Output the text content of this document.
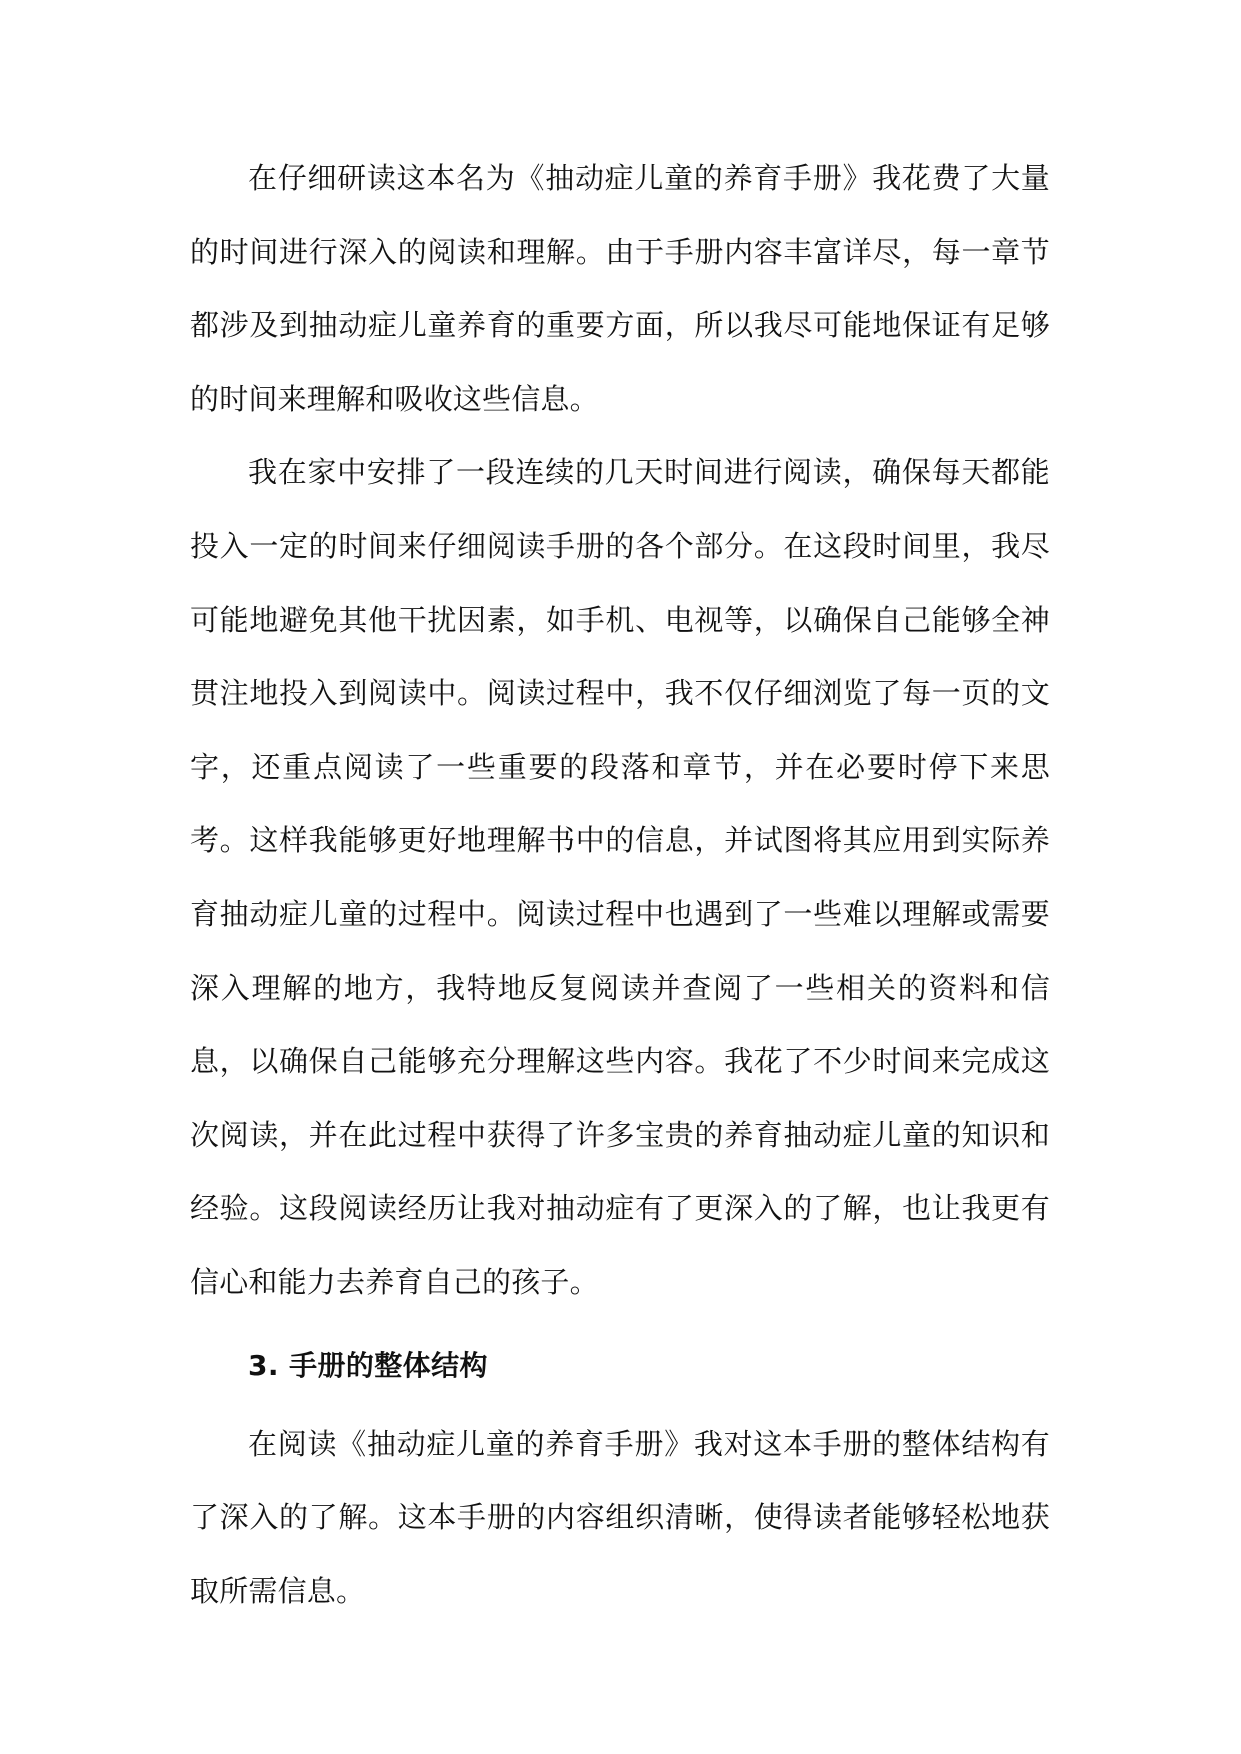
在仔细研读这本名为《抽动症儿童的养育手册》我花费了大量的时间进行深入的阅读和理解。由于手册内容丰富详尽，每一章节都涉及到抽动症儿童养育的重要方面，所以我尽可能地保证有足够的时间来理解和吸收这些信息。

我在家中安排了一段连续的几天时间进行阅读，确保每天都能投入一定的时间来仔细阅读手册的各个部分。在这段时间里，我尽可能地避免其他干扰因素，如手机、电视等，以确保自己能够全神贯注地投入到阅读中。阅读过程中，我不仅仔细浏览了每一页的文字，还重点阅读了一些重要的段落和章节，并在必要时停下来思考。这样我能够更好地理解书中的信息，并试图将其应用到实际养育抽动症儿童的过程中。阅读过程中也遇到了一些难以理解或需要深入理解的地方，我特地反复阅读并查阅了一些相关的资料和信息，以确保自己能够充分理解这些内容。我花了不少时间来完成这次阅读，并在此过程中获得了许多宝贵的养育抽动症儿童的知识和经验。这段阅读经历让我对抽动症有了更深入的了解，也让我更有信心和能力去养育自己的孩子。

3. 手册的整体结构

在阅读《抽动症儿童的养育手册》我对这本手册的整体结构有了深入的了解。这本手册的内容组织清晰，使得读者能够轻松地获取所需信息。
